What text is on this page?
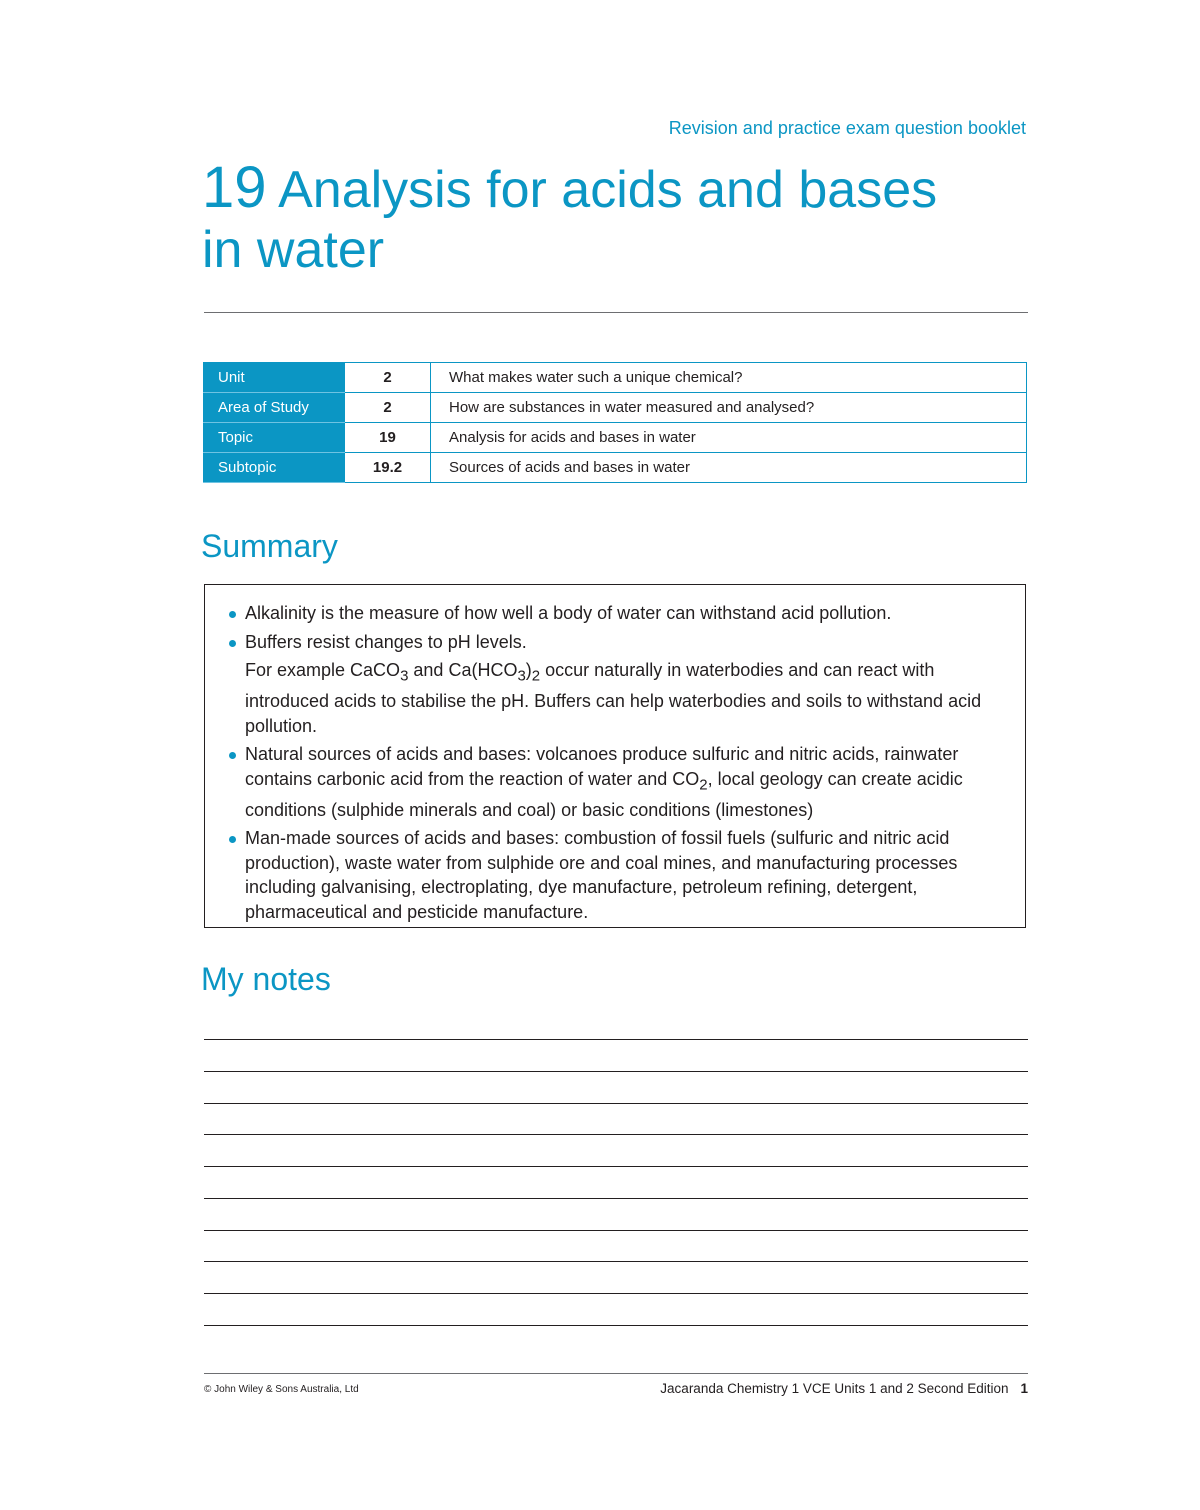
Revision and practice exam question booklet
19 Analysis for acids and bases
in water
Unit	2	What makes water such a unique chemical?
Area of Study	2	How are substances in water measured and analysed?
Topic	19	Analysis for acids and bases in water
Subtopic	19.2	Sources of acids and bases in water
Summary
Alkalinity is the measure of how well a body of water can withstand acid pollution.
Buffers resist changes to pH levels.
For example CaCO$_3$ and $Ca(HCO_3)_2$ occur naturally in waterbodies and can react with introduced acids to stabilise the pH. Buffers can help waterbodies and soils to withstand acid pollution.
Natural sources of acids and bases: volcanoes produce sulfuric and nitric acids, rainwater contains carbonic acid from the reaction of water and $CO_2$, local geology can create acidic conditions (sulphide minerals and coal) or basic conditions (limestones)
Man-made sources of acids and bases: combustion of fossil fuels (sulfuric and nitric acid production), waste water from sulphide ore and coal mines, and manufacturing processes including galvanising, electroplating, dye manufacture, petroleum refining, detergent, pharmaceutical and pesticide manufacture.
My notes
© John Wiley & Sons Australia, Ltd	Jacaranda Chemistry 1 VCE Units 1 and 2 Second Edition 1
